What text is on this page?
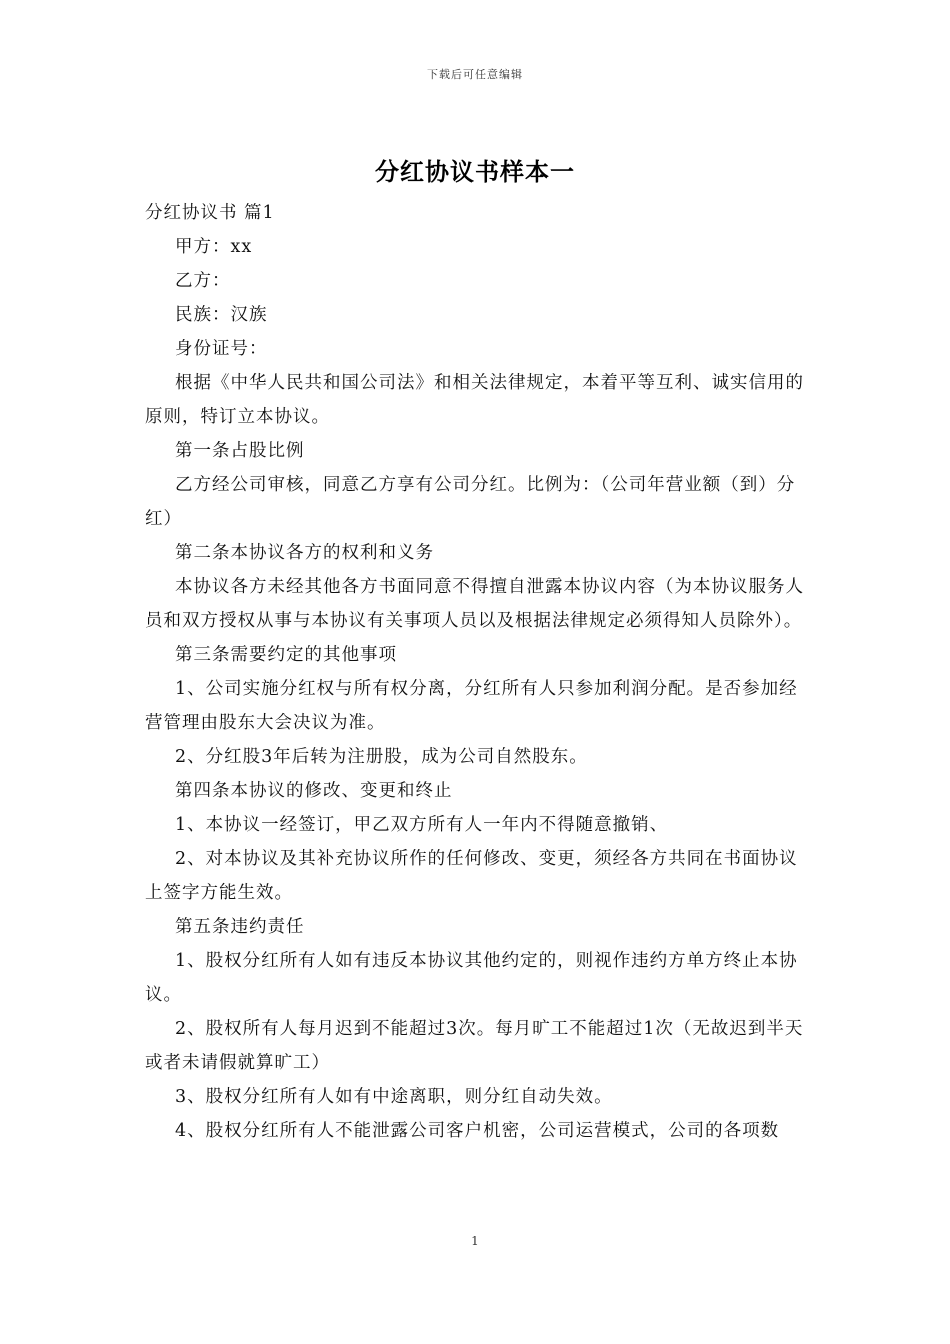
下载后可任意编辑
分红协议书样本一

分红协议书 篇1

甲方：xx

乙方：

民族：汉族

身份证号：

根据《中华人民共和国公司法》和相关法律规定，本着平等互利、诚实信用的原则，特订立本协议。

第一条占股比例

乙方经公司审核，同意乙方享有公司分红。比例为：（公司年营业额（到）分红）

第二条本协议各方的权利和义务

本协议各方未经其他各方书面同意不得擅自泄露本协议内容（为本协议服务人员和双方授权从事与本协议有关事项人员以及根据法律规定必须得知人员除外）。

第三条需要约定的其他事项

1、公司实施分红权与所有权分离，分红所有人只参加利润分配。是否参加经营管理由股东大会决议为准。

2、分红股3年后转为注册股，成为公司自然股东。

第四条本协议的修改、变更和终止

1、本协议一经签订，甲乙双方所有人一年内不得随意撤销、

2、对本协议及其补充协议所作的任何修改、变更，须经各方共同在书面协议上签字方能生效。

第五条违约责任

1、股权分红所有人如有违反本协议其他约定的，则视作违约方单方终止本协议。

2、股权所有人每月迟到不能超过3次。每月旷工不能超过1次（无故迟到半天或者未请假就算旷工）

3、股权分红所有人如有中途离职，则分红自动失效。

4、股权分红所有人不能泄露公司客户机密，公司运营模式，公司的各项数

1
